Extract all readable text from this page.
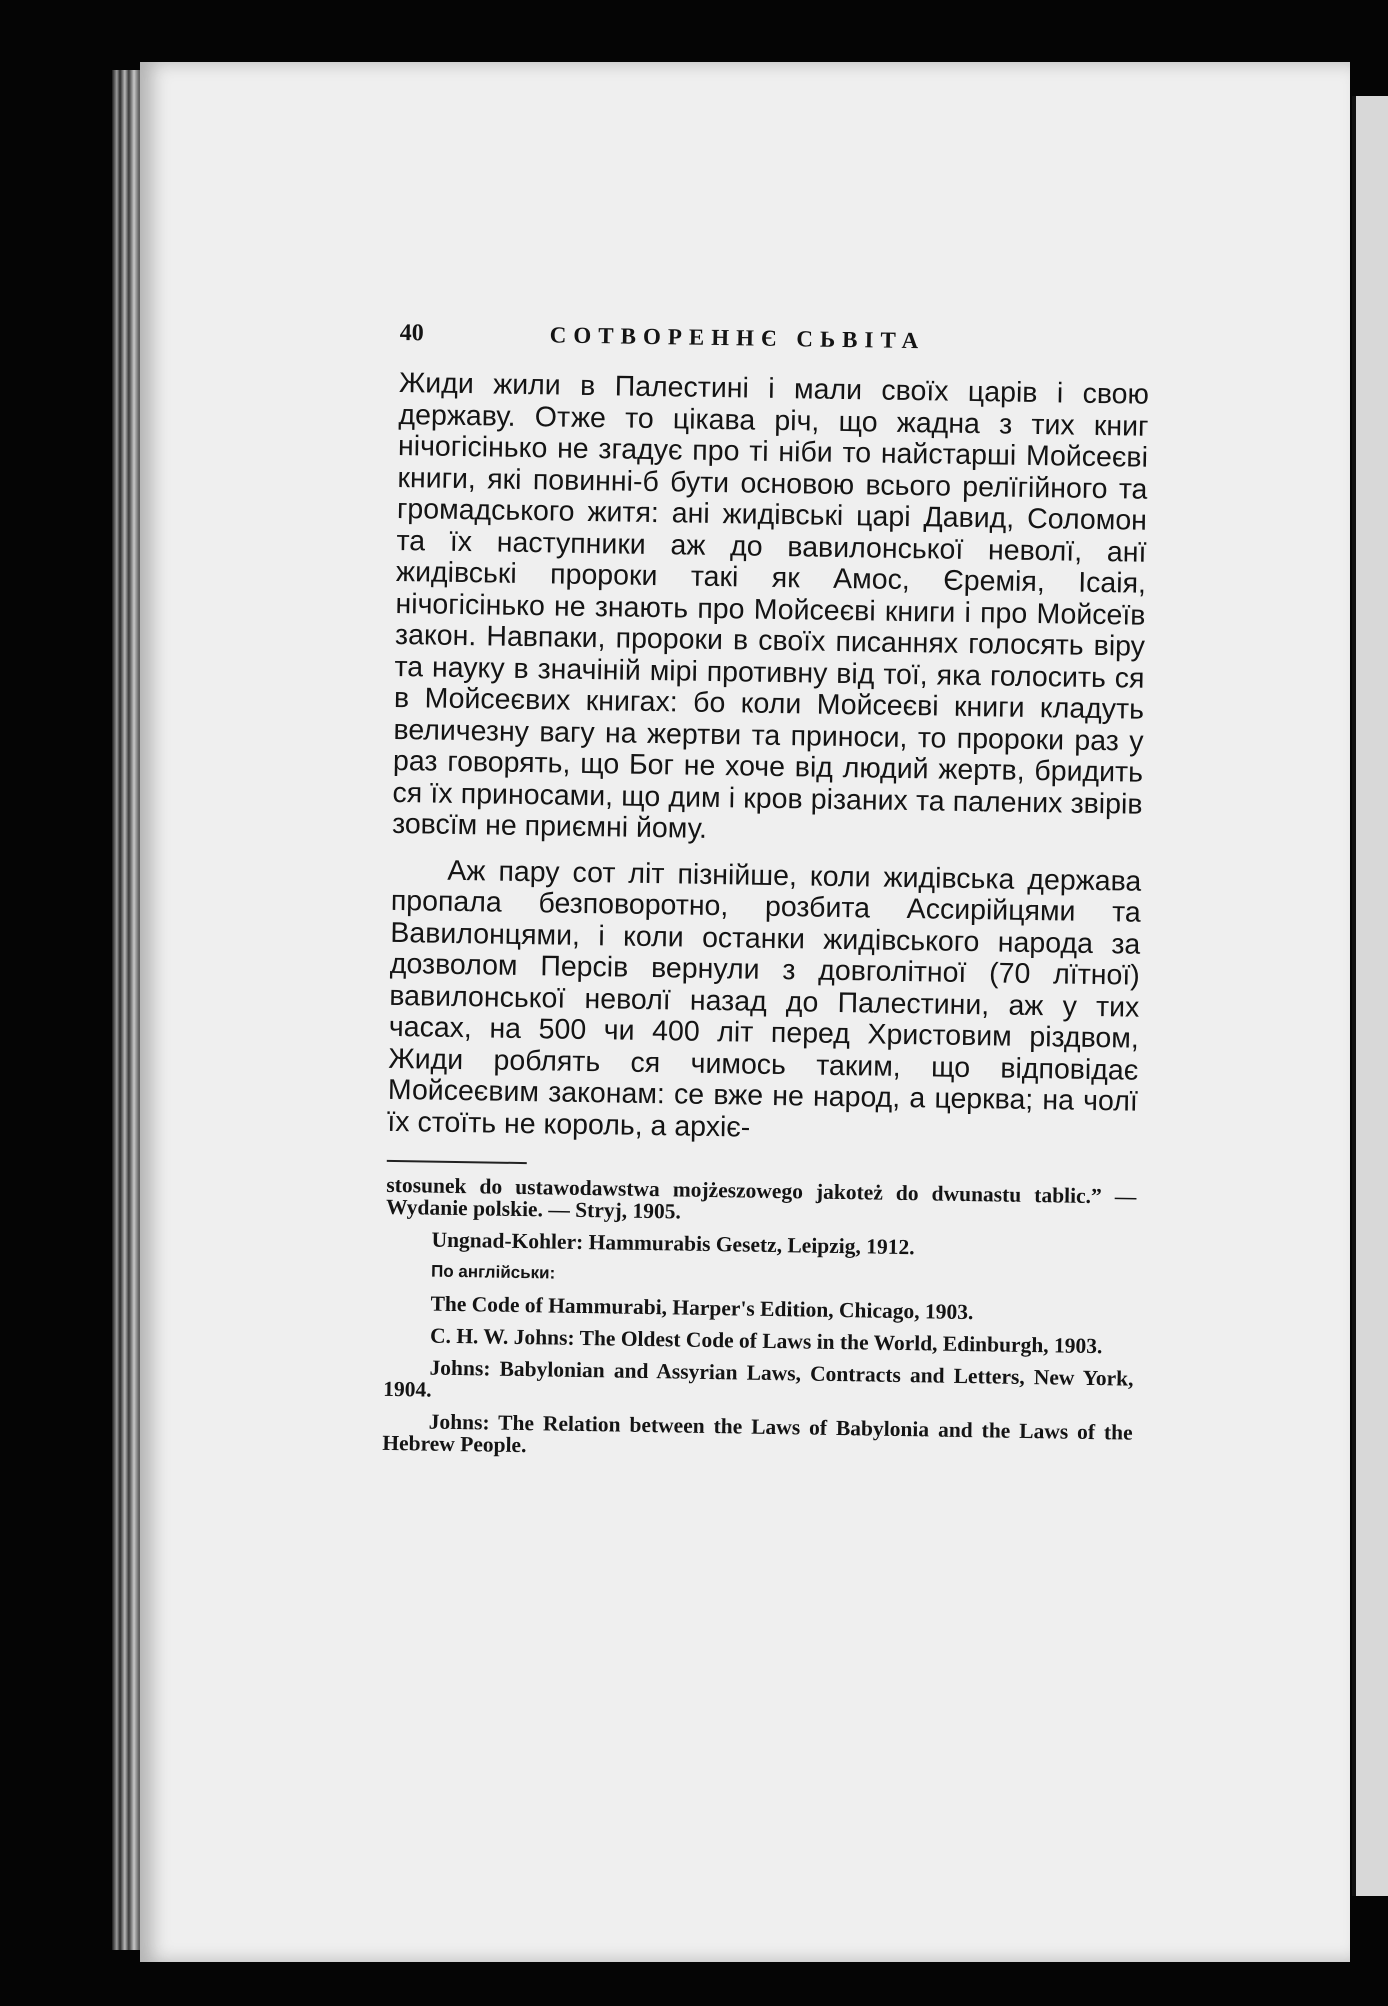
40	СОТВОРЕННЄ СЬВІТА

Жиди жили в Палестині і мали своїх царів і свою державу. Отже то цікава річ, що жадна з тих книг нічогісінько не згадує про ті ніби то найстарші Мойсеєві книги, які повинні-б бути основою всього релїгійного та громадського житя: ані жидівські царі Давид, Соломон та їх наступники аж до вавилонської неволї, анї жидівські пророки такі як Амос, Єремія, Ісаія, нічогісінько не знають про Мойсеєві книги і про Мойсеїв закон. Навпаки, пророки в своїх писаннях голосять віру та науку в значіній мірі противну від тої, яка голосить ся в Мойсеєвих книгах: бо коли Мойсеєві книги кладуть величезну вагу на жертви та приноси, то пророки раз у раз говорять, що Бог не хоче від людий жертв, бридить ся їх приносами, що дим і кров різаних та палених звірів зовсїм не приємні йому.

Аж пару сот літ пізнійше, коли жидівська держава пропала безповоротно, розбита Ассирійцями та Вавилонцями, і коли останки жидівського народа за дозволом Персів вернули з довголітної (70 лїтної) вавилонської неволї назад до Палестини, аж у тих часах, на 500 чи 400 літ перед Христовим різдвом, Жиди роблять ся чимось таким, що відповідає Мойсеєвим законам: се вже не народ, а церква; на чолї їх стоїть не король, а архіє-

stosunek do ustawodawstwa mojżeszowego jakoteż do dwunastu tablic.” — Wydanie polskie. — Stryj, 1905.

Ungnad-Kohler: Hammurabis Gesetz, Leipzig, 1912.

По англійськи:

The Code of Hammurabi, Harper's Edition, Chicago, 1903.

C. H. W. Johns: The Oldest Code of Laws in the World, Edinburgh, 1903.

Johns: Babylonian and Assyrian Laws, Contracts and Letters, New York, 1904.

Johns: The Relation between the Laws of Babylonia and the Laws of the Hebrew People.
